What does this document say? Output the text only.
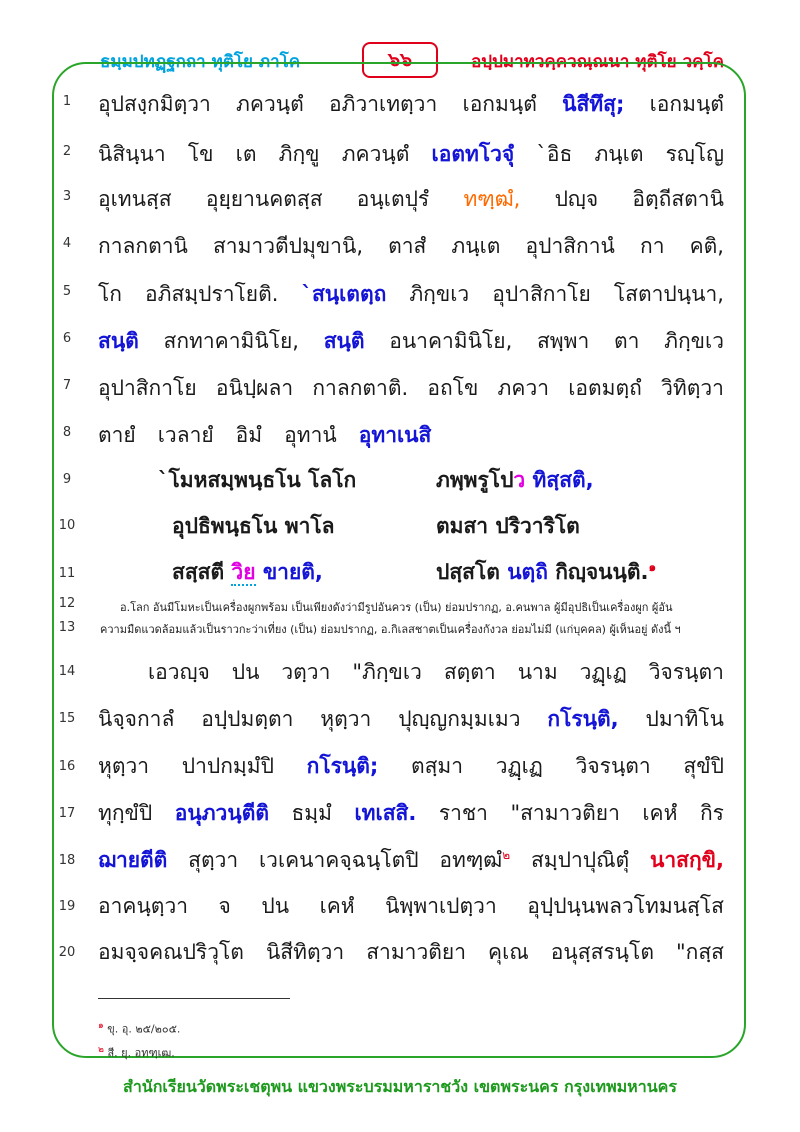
ธมฺมปทฏฺฐกถา ทุติโย ภาโค	๖๖	อปฺปมาทวคฺควณฺณนา ทุติโย วคฺโค
1	อุปสงฺกมิตฺวา ภควนฺตํ อภิวาเทตฺวา เอกมนฺตํ นิสีทึสุ; เอกมนฺตํ
2	นิสินฺนา โข เต ภิกฺขู ภควนฺตํ เอตทโวจุํ `อิธ ภนฺเต รญฺโญ
3	อุเทนสฺส อุยฺยานคตสฺส อนฺเตปุรํ ทฑฺฒํ, ปญฺจ อิตฺถีสตานิ
4	กาลกตานิ สามาวตีปมุขานิ, ตาสํ ภนฺเต อุปาสิกานํ กา คติ,
5	โก อภิสมฺปราโยติ. `สนฺเตตฺถ ภิกฺขเว อุปาสิกาโย โสตาปนฺนา,
6	สนฺติ สกทาคามินิโย, สนฺติ อนาคามินิโย, สพฺพา ตา ภิกฺขเว
7	อุปาสิกาโย อนิปฺผลา กาลกตาติ. อถโข ภควา เอตมตฺถํ วิทิตฺวา
8	ตายํ เวลายํ อิมํ อุทานํ อุทาเนสิ
9	`โมหสมฺพนฺธโน โลโก	ภพฺพรูโปว ทิสฺสติ,
10	อุปธิพนฺธโน พาโล	ตมสา ปริวาริโต
11	สสฺสตี วิย ขายติ,	ปสฺสโต นตฺถิ กิญฺจนนฺติ.$^๑$
12	อ.โลก อันมีโมหะเป็นเครื่องผูกพร้อม เป็นเพียงดังว่ามีรูปอันควร (เป็น) ย่อมปรากฏ, อ.คนพาล ผู้มีอุปธิเป็นเครื่องผูก ผู้อัน
13	ความมืดแวดล้อมแล้วเป็นราวกะว่าเที่ยง (เป็น) ย่อมปรากฏ, อ.กิเลสชาตเป็นเครื่องกังวล ย่อมไม่มี (แก่บุคคล) ผู้เห็นอยู่ ดังนี้ ฯ
14	เอวญฺจ ปน วตฺวา "ภิกฺขเว สตฺตา นาม วฏฺเฏ วิจรนฺตา
15 นิจฺจกาลํ อปฺปมตฺตา หุตฺวา ปุญฺญกมฺมเมว กโรนฺติ, ปมาทิโน
16 หุตฺวา ปาปกมฺมํปิ กโรนฺติ; ตสฺมา วฏฺเฏ วิจรนฺตา สุขํปิ
17 ทุกฺขํปิ อนุภวนฺตีติ ธมฺมํ เทเสสิ. ราชา "สามาวติยา เคหํ กิร
18 ฌายตีติ สุตฺวา เวเคนาคจฺฉนฺโตปิ อทฑฺฒํ$^๒$ สมฺปาปุณิตุํ นาสกฺขิ,
19 อาคนฺตฺวา จ ปน เคหํ นิพฺพาเปตฺวา อุปฺปนฺนพลวโทมนสฺโส
20 อมจฺจคณปริวุโต นิสีทิตฺวา สามาวติยา คุเณ อนุสฺสรนฺโต "กสฺส
$^๑$ ขุ. อุ. ๒๕/๒๐๕.
$^๒$ สี. ยุ. อทฑฺเฒ.
สำนักเรียนวัดพระเชตุพน แขวงพระบรมมหาราชวัง เขตพระนคร กรุงเทพมหานคร
